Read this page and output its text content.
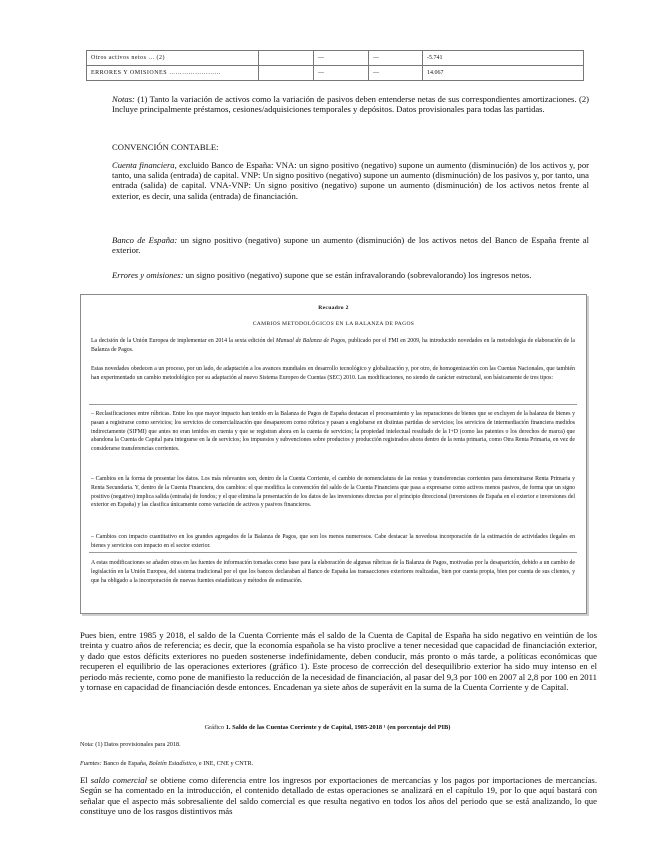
Otros activos netos ... (2)		—	—	-5.741
ERRORES Y OMISIONES ……………………		—	—	14.067
Notas: (1) Tanto la variación de activos como la variación de pasivos deben entenderse netas de sus correspondientes amortizaciones. (2) Incluye principalmente préstamos, cesiones/adquisiciones temporales y depósitos. Datos provisionales para todas las partidas.
CONVENCIÓN CONTABLE:
Cuenta financiera, excluido Banco de España: VNA: un signo positivo (negativo) supone un aumento (disminución) de los activos y, por tanto, una salida (entrada) de capital. VNP: Un signo positivo (negativo) supone un aumento (disminución) de los pasivos y, por tanto, una entrada (salida) de capital. VNA-VNP: Un signo positivo (negativo) supone un aumento (disminución) de los activos netos frente al exterior, es decir, una salida (entrada) de financiación.
Banco de España: un signo positivo (negativo) supone un aumento (disminución) de los activos netos del Banco de España frente al exterior.
Errores y omisiones: un signo positivo (negativo) supone que se están infravalorando (sobrevalorando) los ingresos netos.
Recuadro 2
CAMBIOS METODOLÓGICOS EN LA BALANZA DE PAGOS
La decisión de la Unión Europea de implementar en 2014 la sexta edición del Manual de Balanza de Pagos, publicado por el FMI en 2009, ha introducido novedades en la metodología de elaboración de la Balanza de Pagos.
Estas novedades obedecen a un proceso, por un lado, de adaptación a los avances mundiales en desarrollo tecnológico y globalización y, por otro, de homogenización con las Cuentas Nacionales, que también han experimentado un cambio metodológico por su adaptación al nuevo Sistema Europeo de Cuentas (SEC) 2010. Las modificaciones, no siendo de carácter estructural, son básicamente de tres tipos:
– Reclasificaciones entre rúbricas. Entre los que mayor impacto han tenido en la Balanza de Pagos de España destacan el procesamiento y las reparaciones de bienes que se excluyen de la balanza de bienes y pasan a registrarse como servicios; los servicios de comercialización que desaparecen como rúbrica y pasan a englobarse en distintas partidas de servicios; los servicios de intermediación financiera medidos indirectamente (SIFMI) que antes no eran tenidos en cuenta y que se registran ahora en la cuenta de servicios; la propiedad intelectual resultado de la I+D (como las patentes o los derechos de marca) que abandona la Cuenta de Capital para integrarse en la de servicios; los impuestos y subvenciones sobre productos y producción registrados ahora dentro de la renta primaria, como Otra Renta Primaria, en vez de considerarse transferencias corrientes.
– Cambios en la forma de presentar los datos. Los más relevantes son, dentro de la Cuenta Corriente, el cambio de nomenclatura de las rentas y transferencias corrientes para denominarse Renta Primaria y Renta Secundaria. Y, dentro de la Cuenta Financiera, dos cambios: el que modifica la convención del saldo de la Cuenta Financiera que pasa a expresarse como activos menos pasivos, de forma que un signo positivo (negativo) implica salida (entrada) de fondos; y el que elimina la presentación de los datos de las inversiones directas por el principio direccional (inversiones de España en el exterior e inversiones del exterior en España) y las clasifica únicamente como variación de activos y pasivos financieros.
– Cambios con impacto cuantitativo en los grandes agregados de la Balanza de Pagos, que son los menos numerosos. Cabe destacar la novedosa incorporación de la estimación de actividades ilegales en bienes y servicios con impacto en el sector exterior.
A estas modificaciones se añaden otras en las fuentes de información tomadas como base para la elaboración de algunas rúbricas de la Balanza de Pagos, motivadas por la desaparición, debido a un cambio de legislación en la Unión Europea, del sistema tradicional por el que los bancos declaraban al Banco de España las transacciones exteriores realizadas, bien por cuenta propia, bien por cuenta de sus clientes, y que ha obligado a la incorporación de nuevas fuentes estadísticas y métodos de estimación.
Pues bien, entre 1985 y 2018, el saldo de la Cuenta Corriente más el saldo de la Cuenta de Capital de España ha sido negativo en veintiún de los treinta y cuatro años de referencia; es decir, que la economía española se ha visto proclive a tener necesidad que capacidad de financiación exterior, y dado que estos déficits exteriores no pueden sostenerse indefinidamente, deben conducir, más pronto o más tarde, a políticas económicas que recuperen el equilibrio de las operaciones exteriores (gráfico 1). Este proceso de corrección del desequilibrio exterior ha sido muy intenso en el periodo más reciente, como pone de manifiesto la reducción de la necesidad de financiación, al pasar del 9,3 por 100 en 2007 al 2,8 por 100 en 2011 y tornase en capacidad de financiación desde entonces. Encadenan ya siete años de superávit en la suma de la Cuenta Corriente y de Capital.
Gráfico 1. Saldo de las Cuentas Corriente y de Capital, 1985-2018 ¹ (en porcentaje del PIB)
Nota: (1) Datos provisionales para 2018.
Fuentes: Banco de España, Boletín Estadístico, e INE, CNE y CNTR.
El saldo comercial se obtiene como diferencia entre los ingresos por exportaciones de mercancías y los pagos por importaciones de mercancías. Según se ha comentado en la introducción, el contenido detallado de estas operaciones se analizará en el capítulo 19, por lo que aquí bastará con señalar que el aspecto más sobresaliente del saldo comercial es que resulta negativo en todos los años del periodo que se está analizando, lo que constituye uno de los rasgos distintivos más
